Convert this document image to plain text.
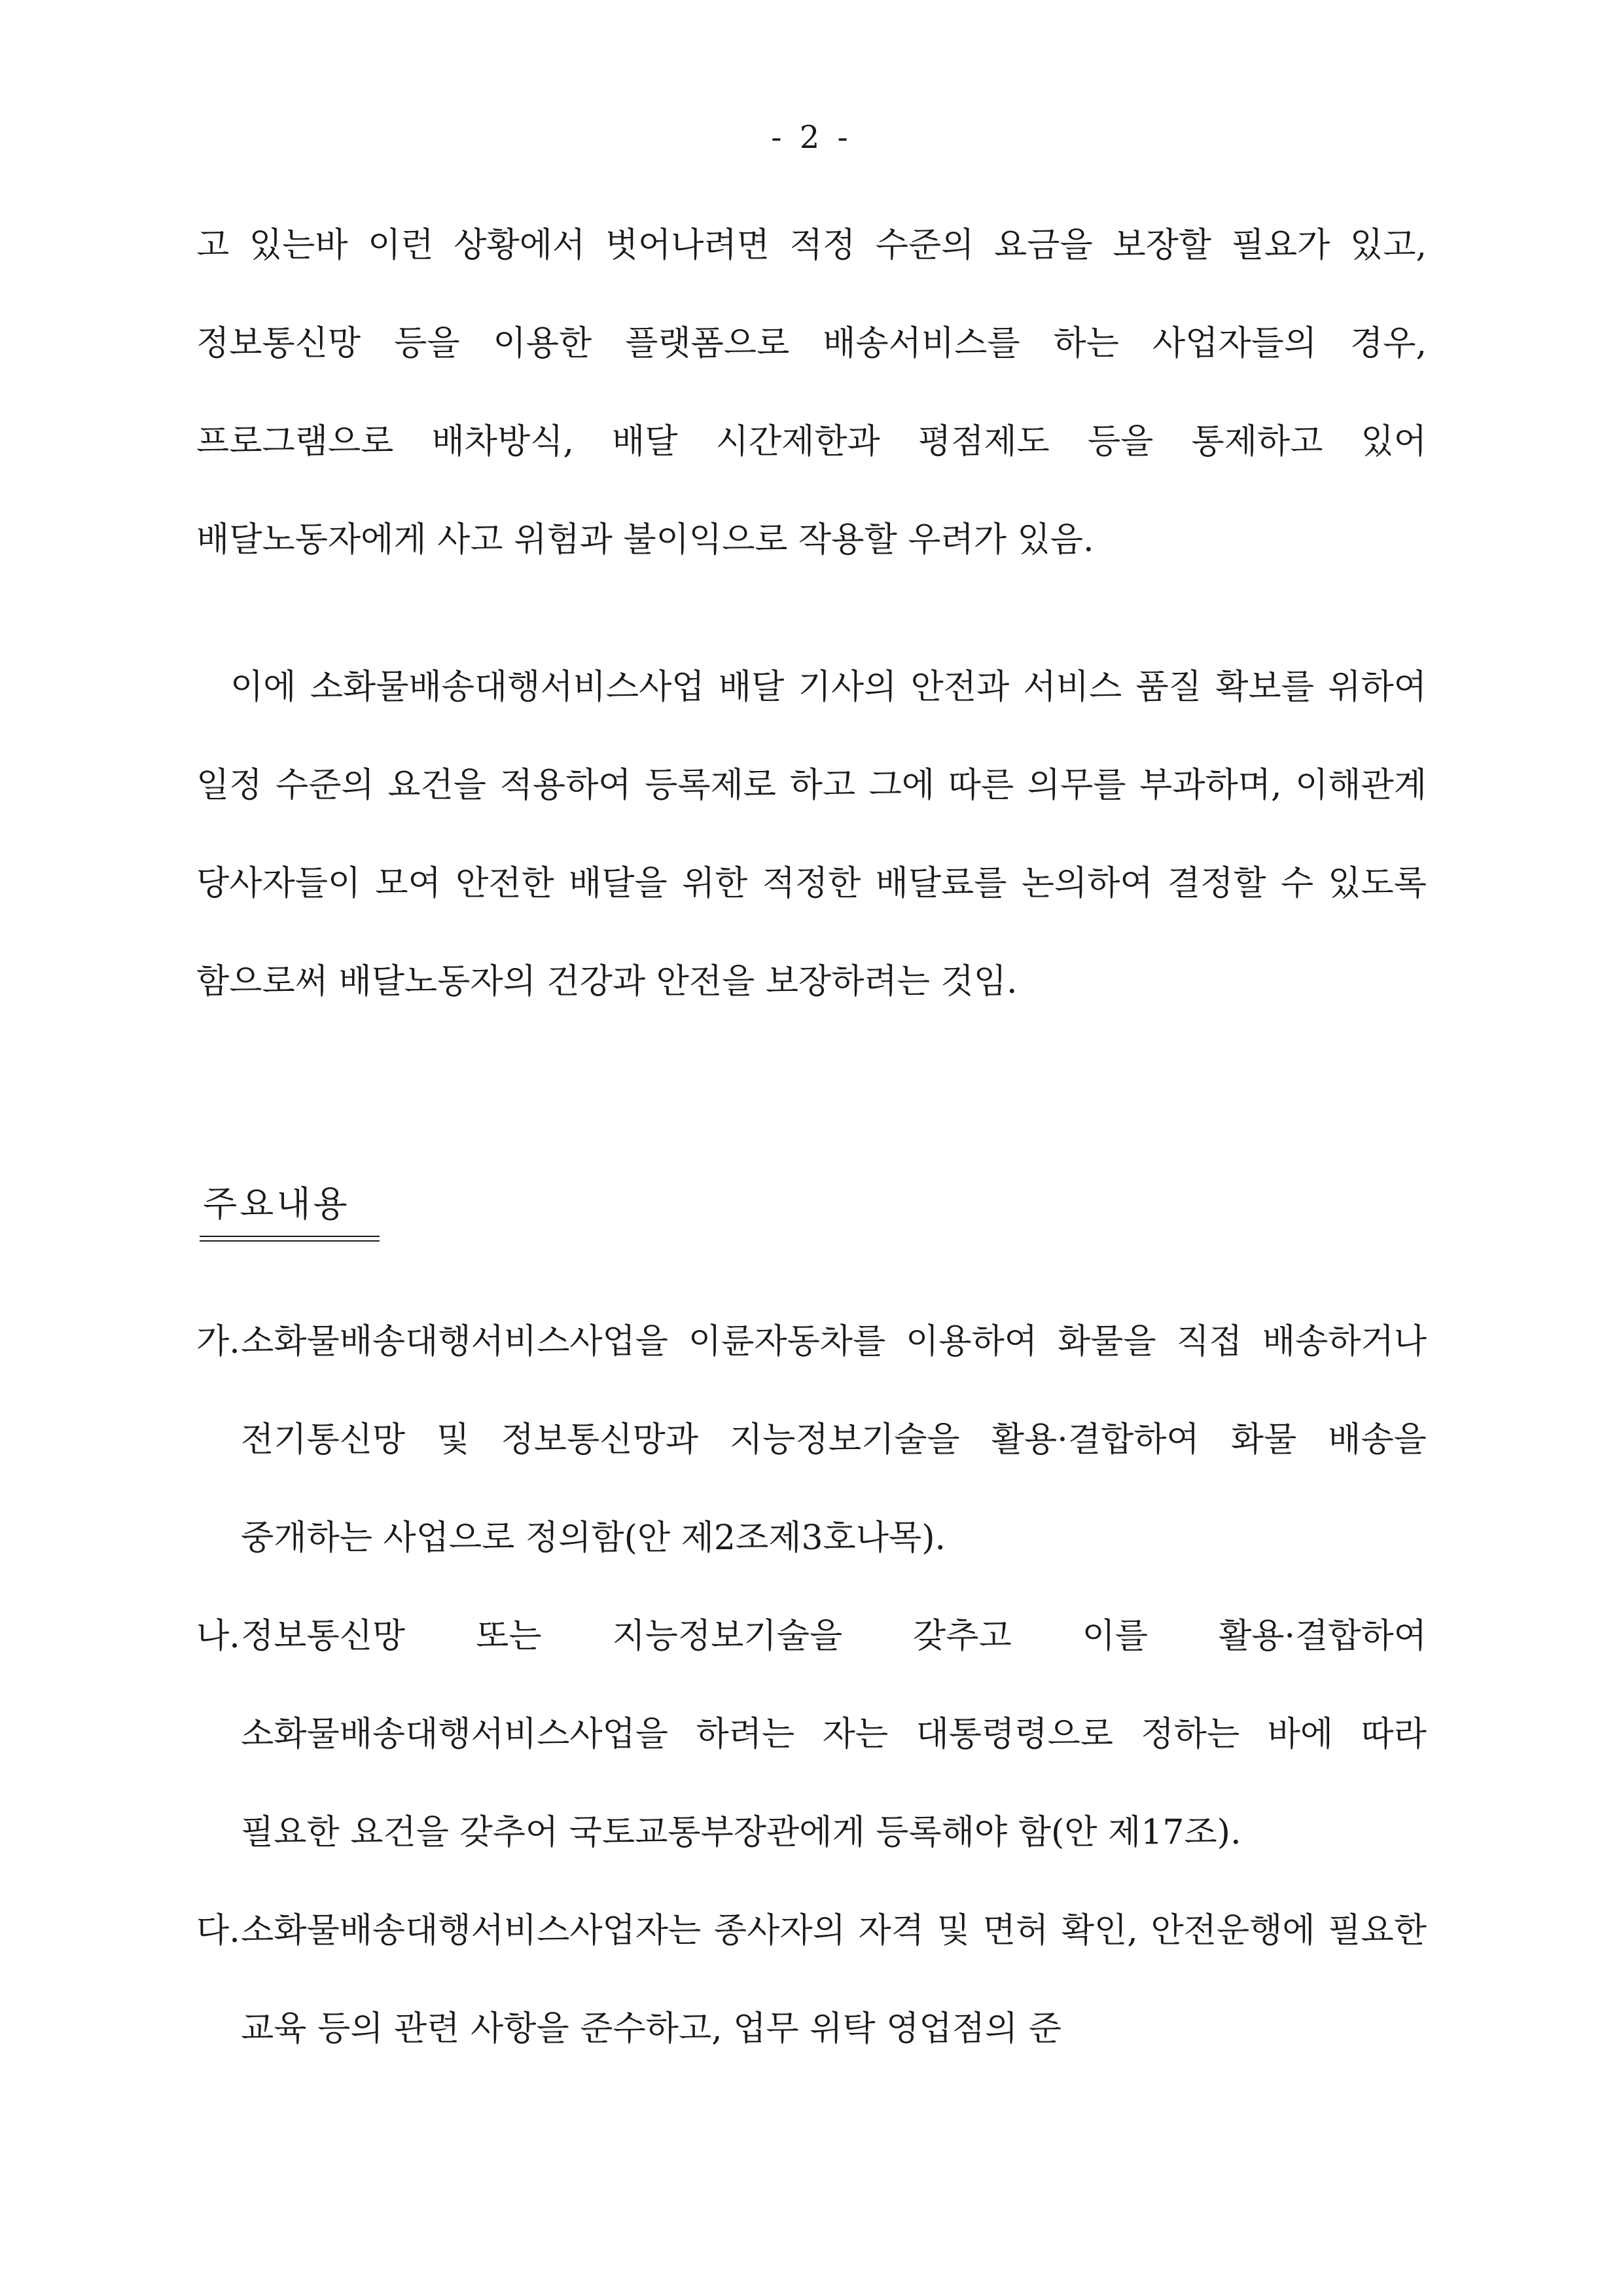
- 2 -

고 있는바 이런 상황에서 벗어나려면 적정 수준의 요금을 보장할 필요가 있고, 정보통신망 등을 이용한 플랫폼으로 배송서비스를 하는 사업자들의 경우, 프로그램으로 배차방식, 배달 시간제한과 평점제도 등을 통제하고 있어 배달노동자에게 사고 위험과 불이익으로 작용할 우려가 있음.

이에 소화물배송대행서비스사업 배달 기사의 안전과 서비스 품질 확보를 위하여 일정 수준의 요건을 적용하여 등록제로 하고 그에 따른 의무를 부과하며, 이해관계 당사자들이 모여 안전한 배달을 위한 적정한 배달료를 논의하여 결정할 수 있도록 함으로써 배달노동자의 건강과 안전을 보장하려는 것임.

주요내용
가. 소화물배송대행서비스사업을 이륜자동차를 이용하여 화물을 직접 배송하거나 전기통신망 및 정보통신망과 지능정보기술을 활용·결합하여 화물 배송을 중개하는 사업으로 정의함(안 제2조제3호나목).
나. 정보통신망 또는 지능정보기술을 갖추고 이를 활용·결합하여 소화물배송대행서비스사업을 하려는 자는 대통령령으로 정하는 바에 따라 필요한 요건을 갖추어 국토교통부장관에게 등록해야 함(안 제17조).
다. 소화물배송대행서비스사업자는 종사자의 자격 및 면허 확인, 안전운행에 필요한 교육 등의 관련 사항을 준수하고, 업무 위탁 영업점의 준
